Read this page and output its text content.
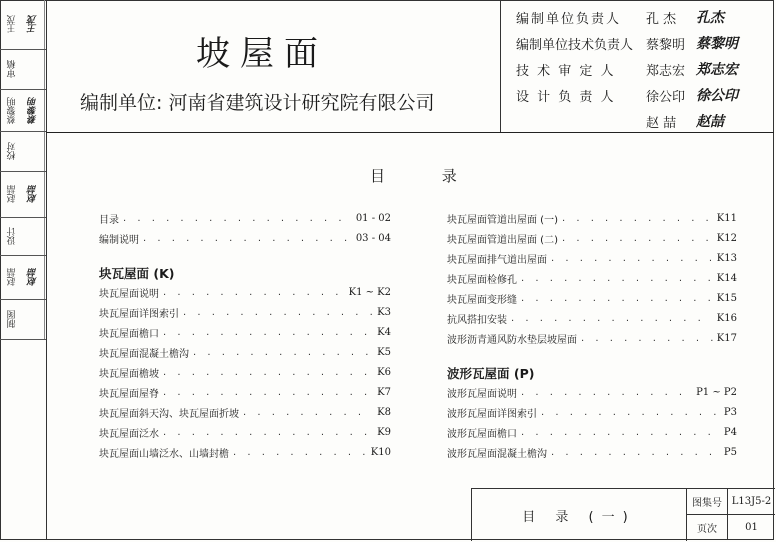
王茂	王茂
审稿
蔡黎明	蔡黎明
校对
赵喆	赵喆
设计
赵喆	赵喆
制图
坡屋面
编制单位: 河南省建筑设计研究院有限公司
编制单位负责人	孔 杰	孔杰
编制单位技术负责人 蔡黎明 蔡黎明
技 术 审 定 人	郑志宏 郑志宏
设 计 负 责 人	徐公印 徐公印
赵 喆	赵喆
目 录
目录 . . .	01 - 02
编制说明 . . .	03 - 04
块瓦屋面 (K)
块瓦屋面说明 . . .	K1 ~ K2
块瓦屋面详图索引 . . .	K3
块瓦屋面檐口 . . .	K4
块瓦屋面混凝土檐沟 . . .	K5
块瓦屋面檐坡 . . .	K6
块瓦屋面屋脊 . . .	K7
块瓦屋面斜天沟、块瓦屋面折坡 . . .	K8
块瓦屋面泛水 . . .	K9
块瓦屋面山墙泛水、山墙封檐 . . .	K10
块瓦屋面管道出屋面 (一) . . .	K11
块瓦屋面管道出屋面 (二) . . .	K12
块瓦屋面排气道出屋面 . . .	K13
块瓦屋面检修孔 . . .	K14
块瓦屋面变形缝 . . .	K15
抗风搭扣安装 . . .	K16
波形沥青通风防水垫层坡屋面 . . .	K17
波形瓦屋面 (P)
波形瓦屋面说明 . . .	P1 ~ P2
波形瓦屋面详图索引 . . .	P3
波形瓦屋面檐口 . . .	P4
波形瓦屋面混凝土檐沟 . . .	P5
目 录 (一)
图集号 L13J5-2
页次	01
